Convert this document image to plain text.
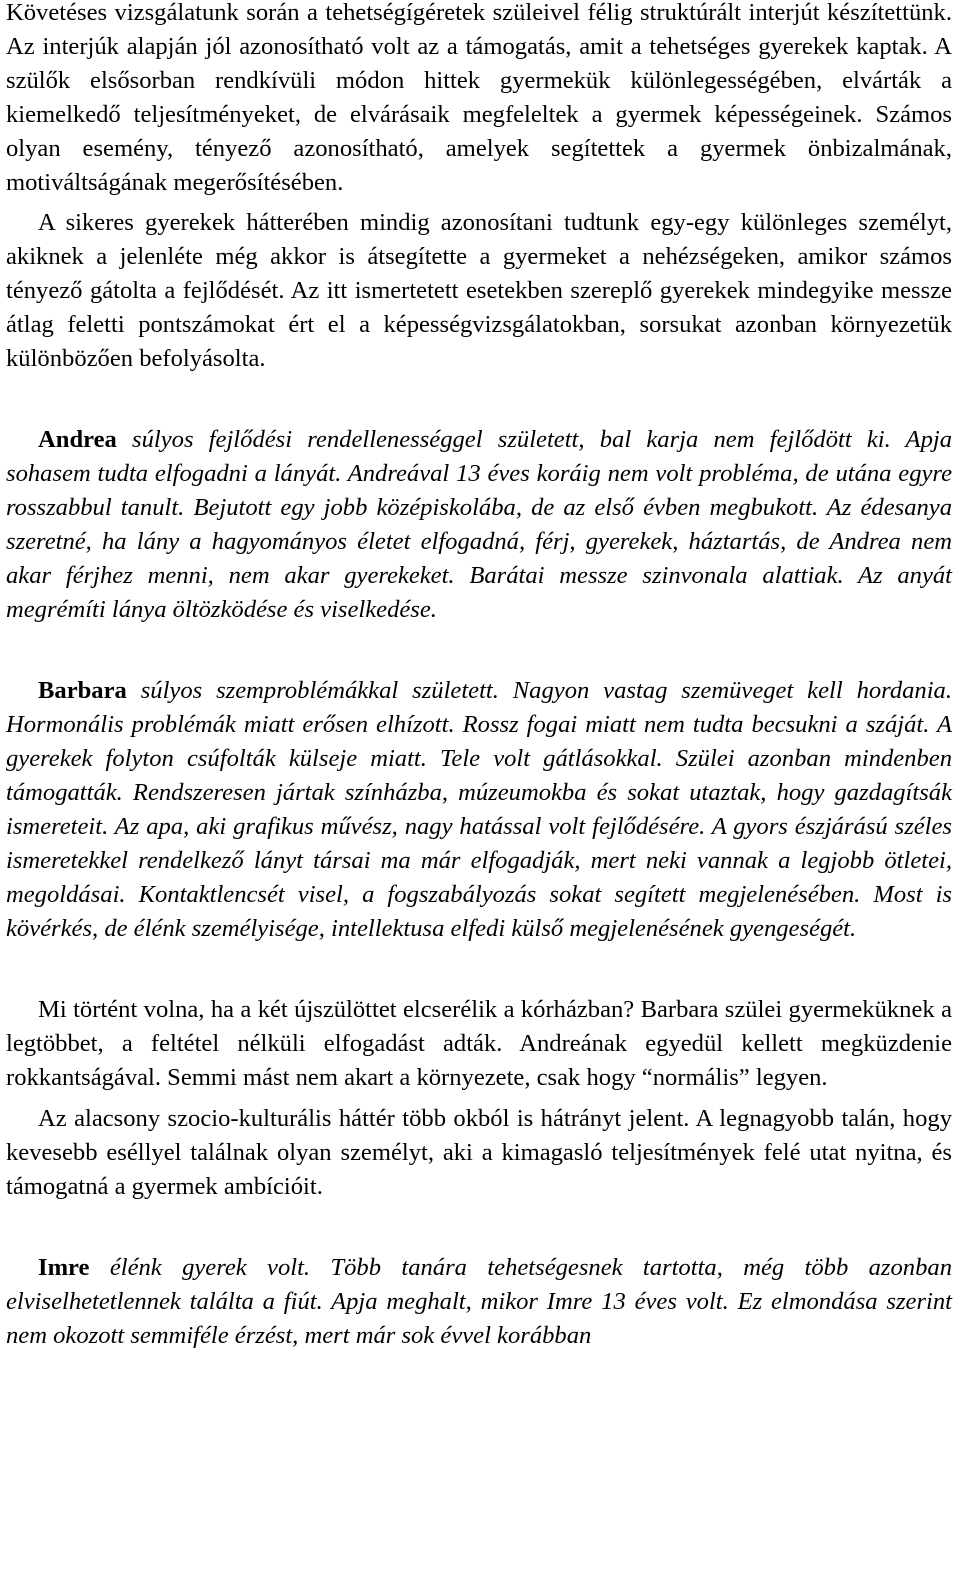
Követéses vizsgálatunk során a tehetségígéretek szüleivel félig struktúrált interjút készítettünk. Az interjúk alapján jól azonosítható volt az a támogatás, amit a tehetséges gyerekek kaptak. A szülők elsősorban rendkívüli módon hittek gyermekük különlegességében, elvárták a kiemelkedő teljesítményeket, de elvárásaik megfeleltek a gyermek képességeinek. Számos olyan esemény, tényező azonosítható, amelyek segítettek a gyermek önbizalmának, motiváltságának megerősítésében.

A sikeres gyerekek hátterében mindig azonosítani tudtunk egy-egy különleges személyt, akiknek a jelenléte még akkor is átsegítette a gyermeket a nehézségeken, amikor számos tényező gátolta a fejlődését. Az itt ismertetett esetekben szereplő gyerekek mindegyike messze átlag feletti pontszámokat ért el a képességvizsgálatokban, sorsukat azonban környezetük különbözően befolyásolta.

Andrea súlyos fejlődési rendellenességgel született, bal karja nem fejlődött ki. Apja sohasem tudta elfogadni a lányát. Andreával 13 éves koráig nem volt probléma, de utána egyre rosszabbul tanult. Bejutott egy jobb középiskolába, de az első évben megbukott. Az édesanya szeretné, ha lány a hagyományos életet elfogadná, férj, gyerekek, háztartás, de Andrea nem akar férjhez menni, nem akar gyerekeket. Barátai messze szinvonala alattiak. Az anyát megrémíti lánya öltözködése és viselkedése.

Barbara súlyos szemproblémákkal született. Nagyon vastag szemüveget kell hordania. Hormonális problémák miatt erősen elhízott. Rossz fogai miatt nem tudta becsukni a száját. A gyerekek folyton csúfolták külseje miatt. Tele volt gátlásokkal. Szülei azonban mindenben támogatták. Rendszeresen jártak színházba, múzeumokba és sokat utaztak, hogy gazdagítsák ismereteit. Az apa, aki grafikus művész, nagy hatással volt fejlődésére. A gyors észjárású széles ismeretekkel rendelkező lányt társai ma már elfogadják, mert neki vannak a legjobb ötletei, megoldásai. Kontaktlencsét visel, a fogszabályozás sokat segített megjelenésében. Most is kövérkés, de élénk személyisége, intellektusa elfedi külső megjelenésének gyengeségét.

Mi történt volna, ha a két újszülöttet elcserélik a kórházban? Barbara szülei gyermeküknek a legtöbbet, a feltétel nélküli elfogadást adták. Andreának egyedül kellett megküzdenie rokkantságával. Semmi mást nem akart a környezete, csak hogy “normális” legyen.

Az alacsony szocio-kulturális háttér több okból is hátrányt jelent. A legnagyobb talán, hogy kevesebb eséllyel találnak olyan személyt, aki a kimagasló teljesítmények felé utat nyitna, és támogatná a gyermek ambícióit.

Imre élénk gyerek volt. Több tanára tehetségesnek tartotta, még több azonban elviselhetetlennek találta a fiút. Apja meghalt, mikor Imre 13 éves volt. Ez elmondása szerint nem okozott semmiféle érzést, mert már sok évvel korábban
